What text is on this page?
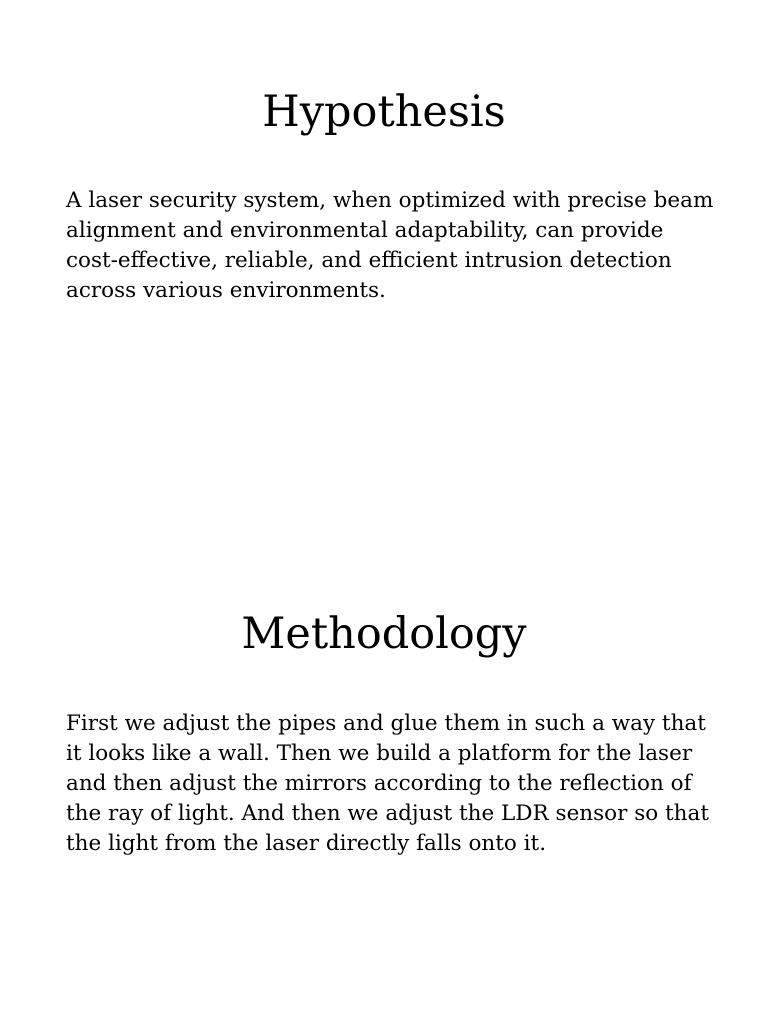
Hypothesis

A laser security system, when optimized with precise beam alignment and environmental adaptability, can provide cost-effective, reliable, and efficient intrusion detection across various environments.

Methodology

First we adjust the pipes and glue them in such a way that it looks like a wall. Then we build a platform for the laser and then adjust the mirrors according to the reflection of the ray of light. And then we adjust the LDR sensor so that the light from the laser directly falls onto it.
